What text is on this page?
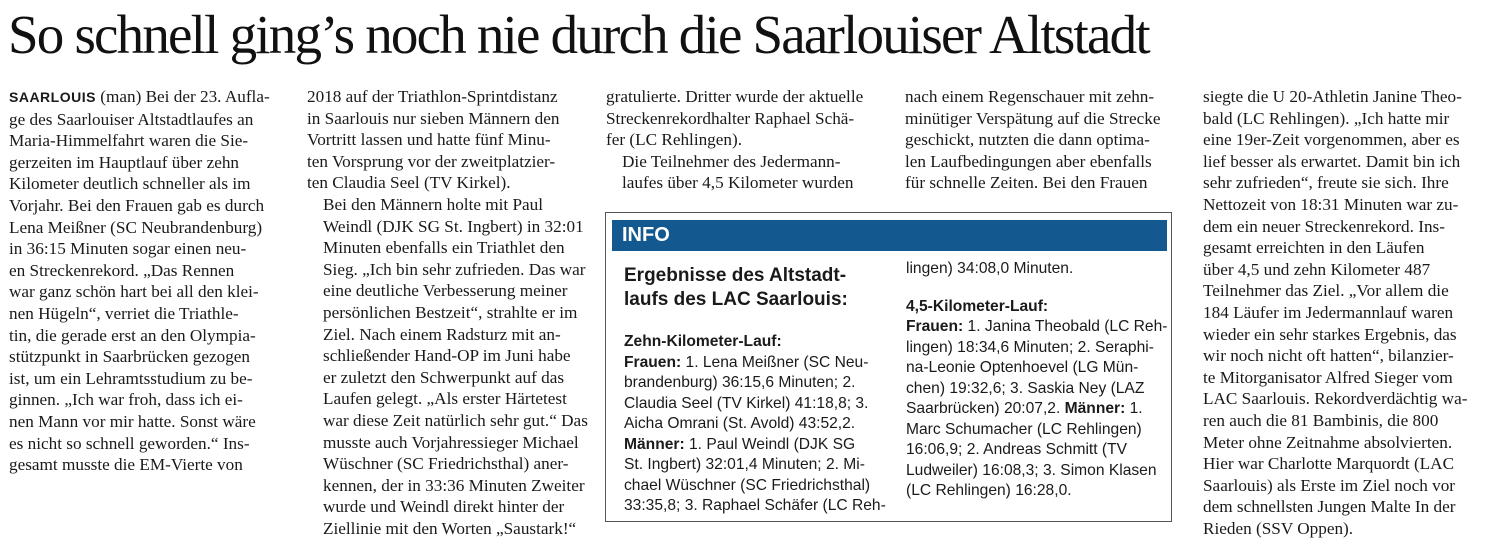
So schnell ging’s noch nie durch die Saarlouiser Altstadt

SAARLOUIS (man) Bei der 23. Aufla-
ge des Saarlouiser Altstadtlaufes an
Maria-Himmelfahrt waren die Sie-
gerzeiten im Hauptlauf über zehn
Kilometer deutlich schneller als im
Vorjahr. Bei den Frauen gab es durch
Lena Meißner (SC Neubrandenburg)
in 36:15 Minuten sogar einen neu-
en Streckenrekord. „Das Rennen
war ganz schön hart bei all den klei-
nen Hügeln“, verriet die Triathle-
tin, die gerade erst an den Olympia-
stützpunkt in Saarbrücken gezogen
ist, um ein Lehramtsstudium zu be-
ginnen. „Ich war froh, dass ich ei-
nen Mann vor mir hatte. Sonst wäre
es nicht so schnell geworden.“ Ins-
gesamt musste die EM-Vierte von

2018 auf der Triathlon-Sprintdistanz
in Saarlouis nur sieben Männern den
Vortritt lassen und hatte fünf Minu-
ten Vorsprung vor der zweitplatzier-
ten Claudia Seel (TV Kirkel).

Bei den Männern holte mit Paul
Weindl (DJK SG St. Ingbert) in 32:01
Minuten ebenfalls ein Triathlet den
Sieg. „Ich bin sehr zufrieden. Das war
eine deutliche Verbesserung meiner
persönlichen Bestzeit“, strahlte er im
Ziel. Nach einem Radsturz mit an-
schließender Hand-OP im Juni habe
er zuletzt den Schwerpunkt auf das
Laufen gelegt. „Als erster Härtetest
war diese Zeit natürlich sehr gut.“ Das
musste auch Vorjahressieger Michael
Wüschner (SC Friedrichsthal) aner-
kennen, der in 33:36 Minuten Zweiter
wurde und Weindl direkt hinter der
Ziellinie mit den Worten „Saustark!“

gratulierte. Dritter wurde der aktuelle
Streckenrekordhalter Raphael Schä-
fer (LC Rehlingen).

Die Teilnehmer des Jedermann-
laufes über 4,5 Kilometer wurden

nach einem Regenschauer mit zehn-
minütiger Verspätung auf die Strecke
geschickt, nutzten die dann optima-
len Laufbedingungen aber ebenfalls
für schnelle Zeiten. Bei den Frauen

siegte die U 20-Athletin Janine Theo-
bald (LC Rehlingen). „Ich hatte mir
eine 19er-Zeit vorgenommen, aber es
lief besser als erwartet. Damit bin ich
sehr zufrieden“, freute sie sich. Ihre
Nettozeit von 18:31 Minuten war zu-
dem ein neuer Streckenrekord. Ins-
gesamt erreichten in den Läufen
über 4,5 und zehn Kilometer 487
Teilnehmer das Ziel. „Vor allem die
184 Läufer im Jedermannlauf waren
wieder ein sehr starkes Ergebnis, das
wir noch nicht oft hatten“, bilanzier-
te Mitorganisator Alfred Sieger vom
LAC Saarlouis. Rekordverdächtig wa-
ren auch die 81 Bambinis, die 800
Meter ohne Zeitnahme absolvierten.
Hier war Charlotte Marquordt (LAC
Saarlouis) als Erste im Ziel noch vor
dem schnellsten Jungen Malte In der
Rieden (SSV Oppen).

INFO
Ergebnisse des Altstadt-
laufs des LAC Saarlouis:
Zehn-Kilometer-Lauf:
Frauen: 1. Lena Meißner (SC Neu-
brandenburg) 36:15,6 Minuten; 2.
Claudia Seel (TV Kirkel) 41:18,8; 3.
Aicha Omrani (St. Avold) 43:52,2.
Männer: 1. Paul Weindl (DJK SG
St. Ingbert) 32:01,4 Minuten; 2. Mi-
chael Wüschner (SC Friedrichsthal)
33:35,8; 3. Raphael Schäfer (LC Reh-
lingen) 34:08,0 Minuten.
4,5-Kilometer-Lauf:
Frauen: 1. Janina Theobald (LC Reh-
lingen) 18:34,6 Minuten; 2. Seraphi-
na-Leonie Optenhoevel (LG Mün-
chen) 19:32,6; 3. Saskia Ney (LAZ
Saarbrücken) 20:07,2. Männer: 1.
Marc Schumacher (LC Rehlingen)
16:06,9; 2. Andreas Schmitt (TV
Ludweiler) 16:08,3; 3. Simon Klasen
(LC Rehlingen) 16:28,0.
